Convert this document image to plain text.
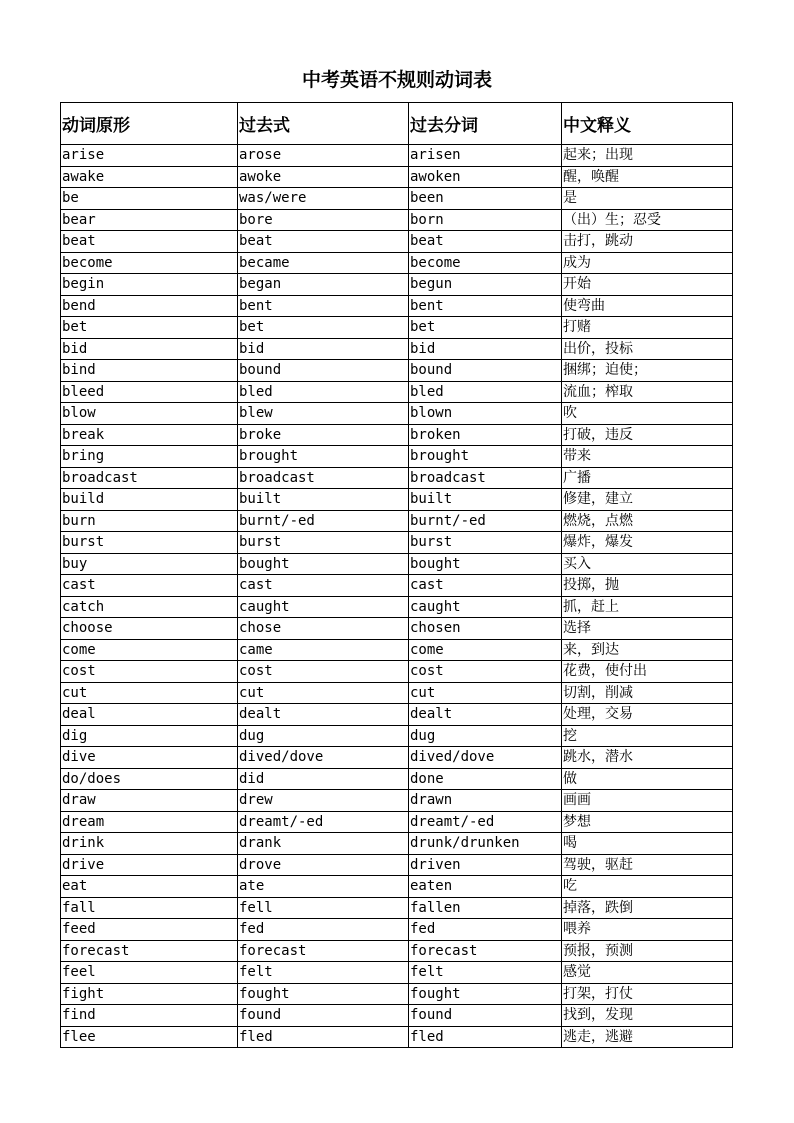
中考英语不规则动词表
动词原形	过去式	过去分词	中文释义
arise	arose	arisen	起来；出现
awake	awoke	awoken	醒，唤醒
be	was/were	been	是
bear	bore	born	（出）生；忍受
beat	beat	beat	击打，跳动
become	became	become	成为
begin	began	begun	开始
bend	bent	bent	使弯曲
bet	bet	bet	打赌
bid	bid	bid	出价，投标
bind	bound	bound	捆绑；迫使；
bleed	bled	bled	流血；榨取
blow	blew	blown	吹
break	broke	broken	打破，违反
bring	brought	brought	带来
broadcast	broadcast	broadcast	广播
build	built	built	修建，建立
burn	burnt/-ed	burnt/-ed	燃烧，点燃
burst	burst	burst	爆炸，爆发
buy	bought	bought	买入
cast	cast	cast	投掷，抛
catch	caught	caught	抓，赶上
choose	chose	chosen	选择
come	came	come	来，到达
cost	cost	cost	花费，使付出
cut	cut	cut	切割，削减
deal	dealt	dealt	处理，交易
dig	dug	dug	挖
dive	dived/dove	dived/dove	跳水，潜水
do/does	did	done	做
draw	drew	drawn	画画
dream	dreamt/-ed	dreamt/-ed	梦想
drink	drank	drunk/drunken	喝
drive	drove	driven	驾驶，驱赶
eat	ate	eaten	吃
fall	fell	fallen	掉落，跌倒
feed	fed	fed	喂养
forecast	forecast	forecast	预报，预测
feel	felt	felt	感觉
fight	fought	fought	打架，打仗
find	found	found	找到，发现
flee	fled	fled	逃走，逃避
